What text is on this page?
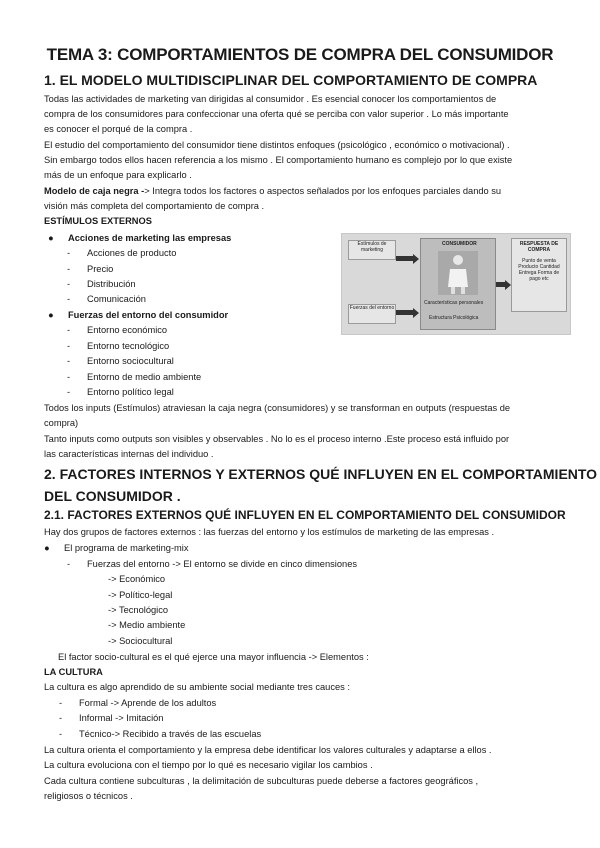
TEMA 3: COMPORTAMIENTOS DE COMPRA DEL CONSUMIDOR
1. EL MODELO MULTIDISCIPLINAR DEL COMPORTAMIENTO DE COMPRA
Todas las actividades de marketing van dirigidas al consumidor . Es esencial conocer los comportamientos de
compra de los consumidores para confeccionar una oferta qué se perciba con valor superior . Lo más importante
es conocer el porqué de la compra .
El estudio del comportamiento del consumidor tiene distintos enfoques (psicológico , económico o motivacional) .
Sin embargo todos ellos hacen referencia a los mismo . El comportamiento humano es complejo por lo que existe
más de un enfoque para explicarlo .
Modelo de caja negra -> Integra todos los factores o aspectos señalados por los enfoques parciales dando su
visión más completa del comportamiento de compra .
ESTÍMULOS EXTERNOS
● Acciones de marketing las empresas
- Acciones de producto
- Precio
- Distribución
- Comunicación
● Fuerzas del entorno del consumidor
- Entorno económico
- Entorno tecnológico
- Entorno sociocultural
- Entorno de medio ambiente
- Entorno político legal
Estímulos de marketing
Fuerzas del entorno
CONSUMIDOR
Características personales
Estructura Psicológica
RESPUESTA DE COMPRA
Punto de venta Producto Cantidad Entrega Forma de pago etc
Todos los inputs (Estímulos) atraviesan la caja negra (consumidores) y se transforman en outputs (respuestas de
compra)
Tanto inputs como outputs son visibles y observables . No lo es el proceso interno .Este proceso está influido por
las características internas del individuo .
2. FACTORES INTERNOS Y EXTERNOS QUÉ INFLUYEN EN EL COMPORTAMIENTO
DEL CONSUMIDOR .
2.1. FACTORES EXTERNOS QUÉ INFLUYEN EN EL COMPORTAMIENTO DEL CONSUMIDOR
Hay dos grupos de factores externos : las fuerzas del entorno y los estímulos de marketing de las empresas .
● El programa de marketing-mix
- Fuerzas del entorno -> El entorno se divide en cinco dimensiones
-> Económico
-> Político-legal
-> Tecnológico
-> Medio ambiente
-> Sociocultural
El factor socio-cultural es el qué ejerce una mayor influencia -> Elementos :
LA CULTURA
La cultura es algo aprendido de su ambiente social mediante tres cauces :
- Formal -> Aprende de los adultos
- Informal -> Imitación
- Técnico-> Recibido a través de las escuelas
La cultura orienta el comportamiento y la empresa debe identificar los valores culturales y adaptarse a ellos .
La cultura evoluciona con el tiempo por lo qué es necesario vigilar los cambios .
Cada cultura contiene subculturas , la delimitación de subculturas puede deberse a factores geográficos ,
religiosos o técnicos .
